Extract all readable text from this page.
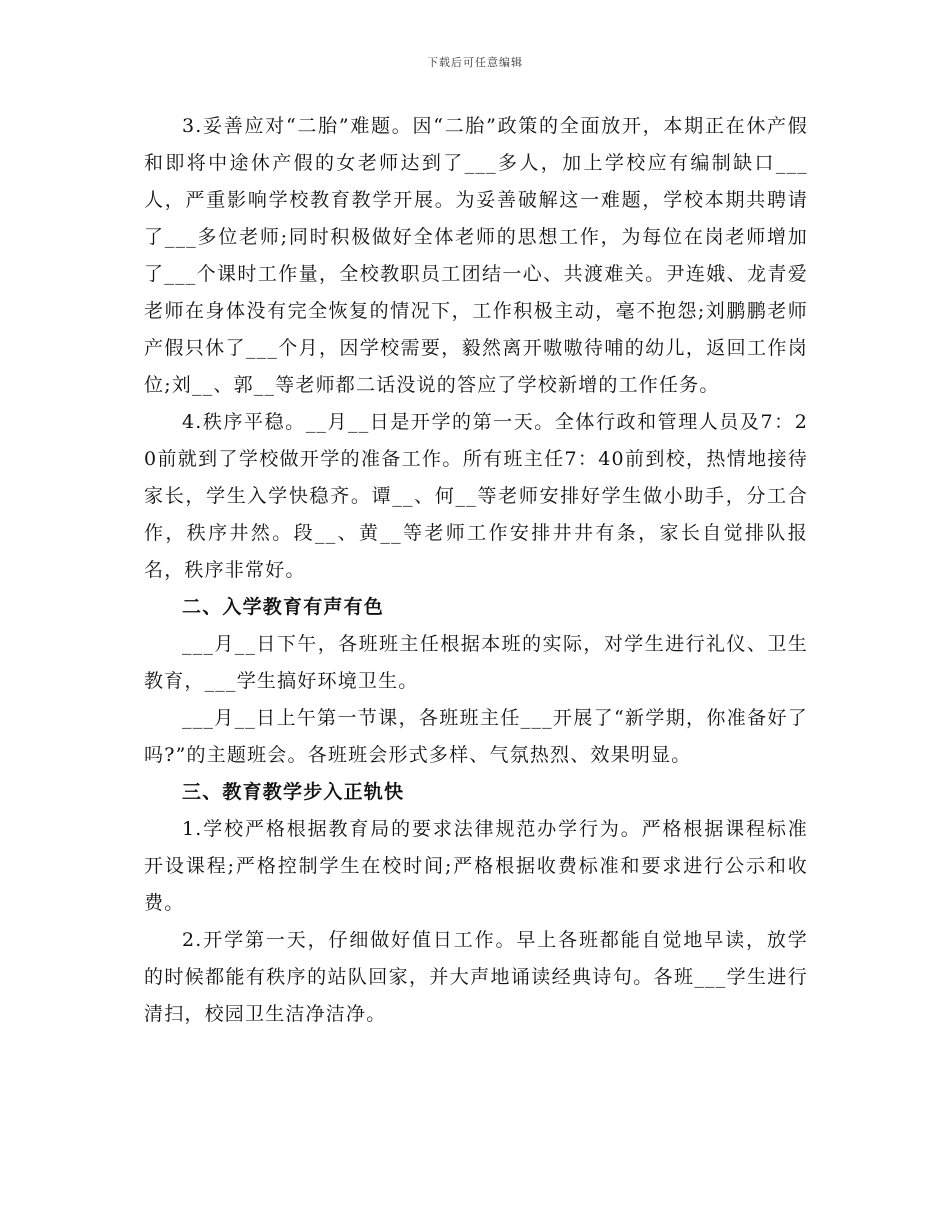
下载后可任意编辑

3.妥善应对“二胎”难题。因“二胎”政策的全面放开，本期正在休产假和即将中途休产假的女老师达到了___多人，加上学校应有编制缺口___人，严重影响学校教育教学开展。为妥善破解这一难题，学校本期共聘请了___多位老师;同时积极做好全体老师的思想工作，为每位在岗老师增加了___个课时工作量，全校教职员工团结一心、共渡难关。尹连娥、龙青爱老师在身体没有完全恢复的情况下，工作积极主动，毫不抱怨;刘鹏鹏老师产假只休了___个月，因学校需要，毅然离开嗷嗷待哺的幼儿，返回工作岗位;刘__、郭__等老师都二话没说的答应了学校新增的工作任务。

4.秩序平稳。__月__日是开学的第一天。全体行政和管理人员及7：20前就到了学校做开学的准备工作。所有班主任7：40前到校，热情地接待家长，学生入学快稳齐。谭__、何__等老师安排好学生做小助手，分工合作，秩序井然。段__、黄__等老师工作安排井井有条，家长自觉排队报名，秩序非常好。

二、入学教育有声有色

___月__日下午，各班班主任根据本班的实际，对学生进行礼仪、卫生教育，___学生搞好环境卫生。

___月__日上午第一节课，各班班主任___开展了“新学期，你准备好了吗?”的主题班会。各班班会形式多样、气氛热烈、效果明显。

三、教育教学步入正轨快

1.学校严格根据教育局的要求法律规范办学行为。严格根据课程标准开设课程;严格控制学生在校时间;严格根据收费标准和要求进行公示和收费。

2.开学第一天，仔细做好值日工作。早上各班都能自觉地早读，放学的时候都能有秩序的站队回家，并大声地诵读经典诗句。各班___学生进行清扫，校园卫生洁净洁净。
